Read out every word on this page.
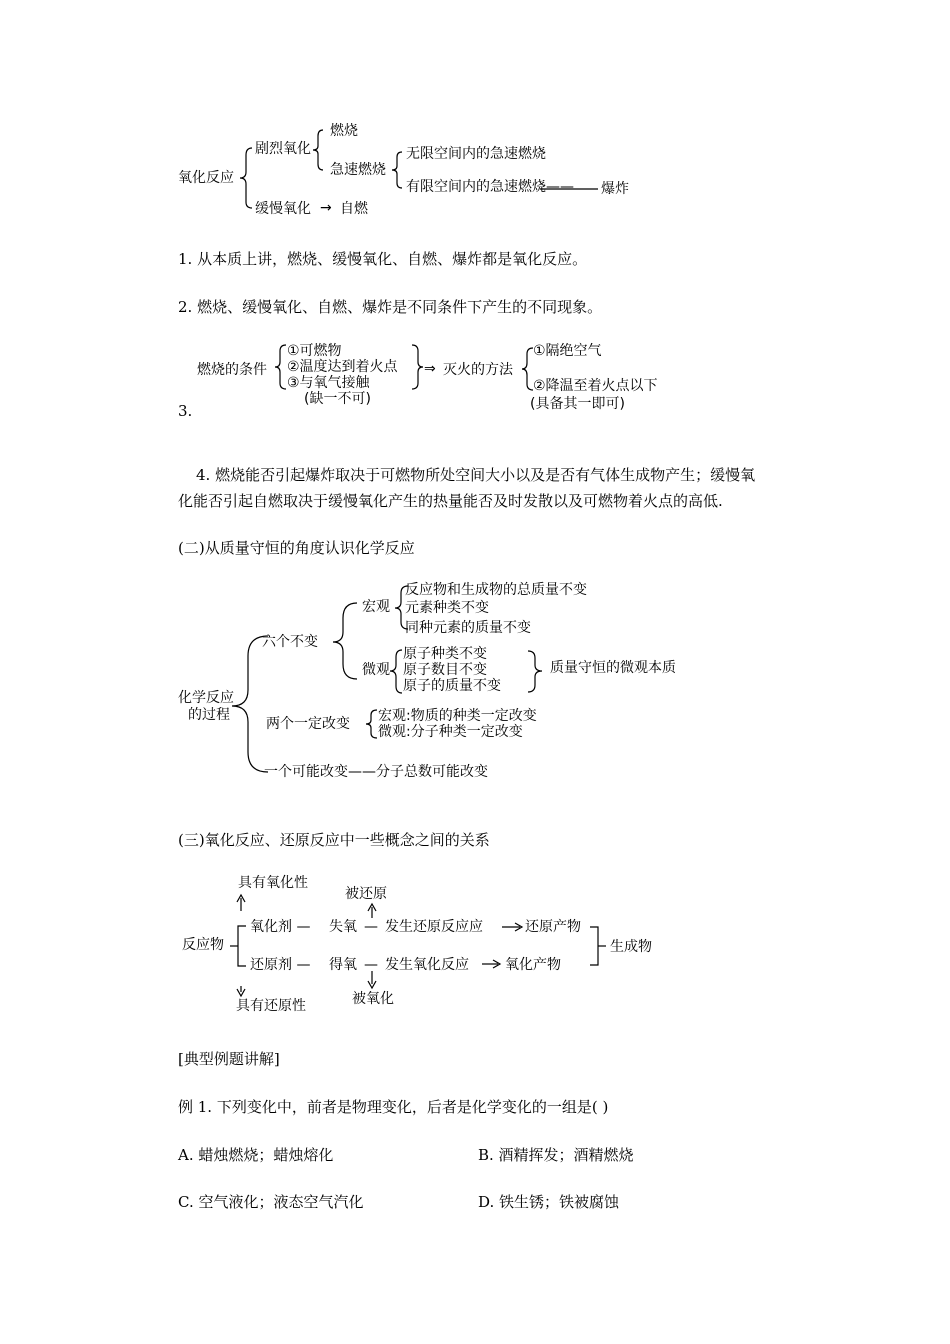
氧化反应
剧烈氧化
燃烧
急速燃烧
无限空间内的急速燃烧
有限空间内的急速燃烧—— 爆炸
缓慢氧化 → 自燃
1. 从本质上讲，燃烧、缓慢氧化、自燃、爆炸都是氧化反应。
2. 燃烧、缓慢氧化、自燃、爆炸是不同条件下产生的不同现象。
燃烧的条件
①可燃物
②温度达到着火点
③与氧气接触
(缺一不可)
⇒ 灭火的方法
①隔绝空气
②降温至着火点以下
(具备其一即可)
3.
4. 燃烧能否引起爆炸取决于可燃物所处空间大小以及是否有气体生成物产生；缓慢氧
化能否引起自燃取决于缓慢氧化产生的热量能否及时发散以及可燃物着火点的高低.
(二)从质量守恒的角度认识化学反应
化学反应
的过程
六个不变
宏观
反应物和生成物的总质量不变
元素种类不变
同种元素的质量不变
微观
原子种类不变
原子数目不变
原子的质量不变
质量守恒的微观本质
两个一定改变 宏观:物质的种类一定改变
微观:分子种类一定改变
一个可能改变——分子总数可能改变
(三)氧化反应、还原反应中一些概念之间的关系
具有氧化性
被还原
反应物
氧化剂 — 失氧 — 发生还原反应应	还原产物
生成物
还原剂 — 得氧 — 发生氧化反应	氧化产物
具有还原性	被氧化
[典型例题讲解]
例 1. 下列变化中，前者是物理变化，后者是化学变化的一组是( )
A. 蜡烛燃烧；蜡烛熔化	B. 酒精挥发；酒精燃烧
C. 空气液化；液态空气汽化	D. 铁生锈；铁被腐蚀
